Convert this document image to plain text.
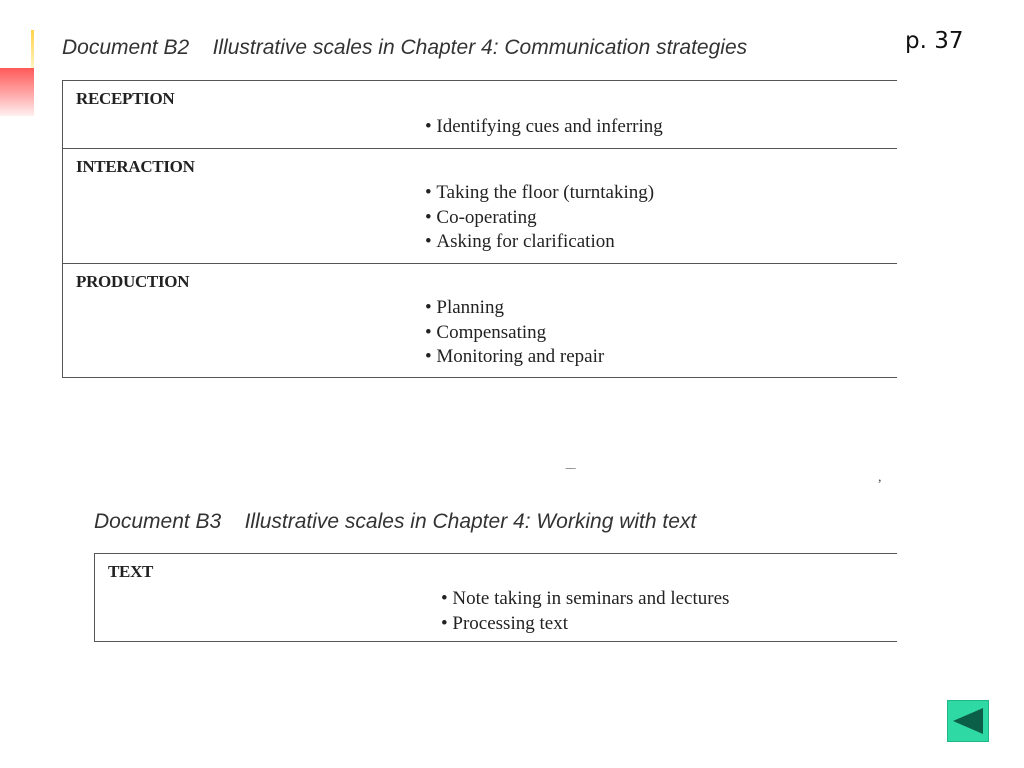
p. 37
Document B2    Illustrative scales in Chapter 4: Communication strategies
RECEPTION
• Identifying cues and inferring
INTERACTION
• Taking the floor (turntaking)
• Co-operating
• Asking for clarification
PRODUCTION
• Planning
• Compensating
• Monitoring and repair
‾‾	,
Document B3    Illustrative scales in Chapter 4: Working with text
TEXT
• Note taking in seminars and lectures
• Processing text
